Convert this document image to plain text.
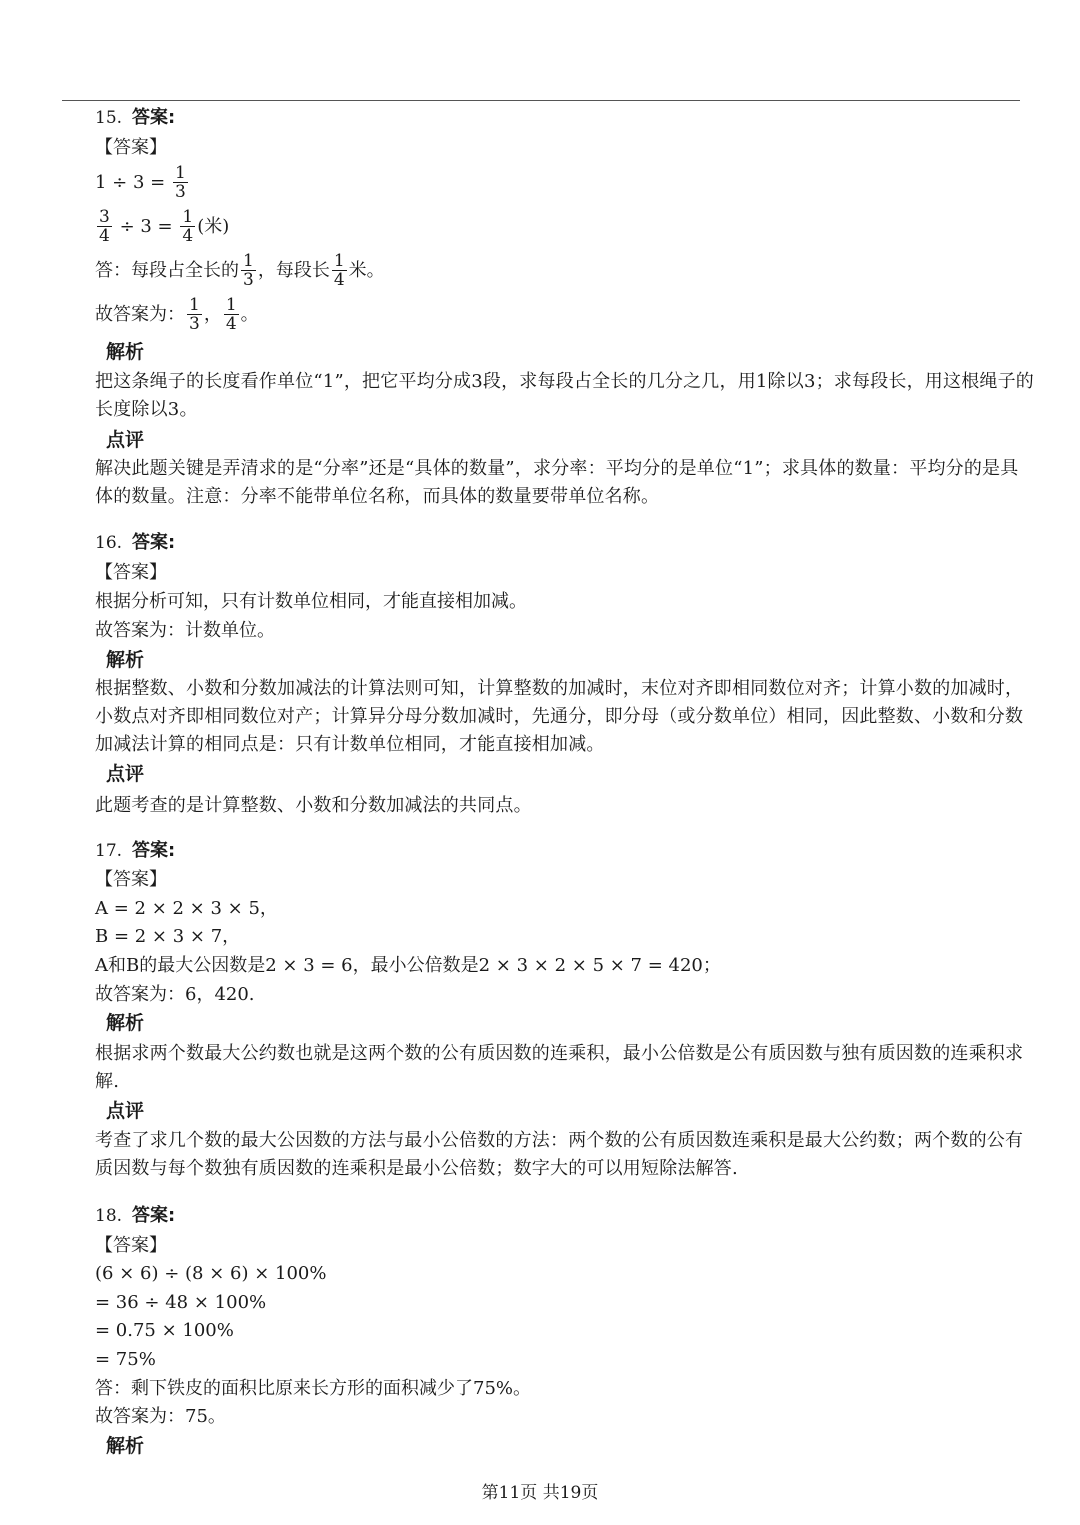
15. 答案:
【答案】
$1 \div 3 = \frac{1}{3}$
$\frac{3}{4} \div 3 = \frac{1}{4}$ (米)
答：每段占全长的 $\frac{1}{3}$ ，每段长 $\frac{1}{4}$ 米。
故答案为： $\frac{1}{3}$ ， $\frac{1}{4}$ 。
解析
把这条绳子的长度看作单位“1”，把它平均分成3段，求每段占全长的几分之几，用1除以3；求每段长，用这根绳子的长度除以3。
点评
解决此题关键是弄清求的是“分率”还是“具体的数量”，求分率：平均分的是单位“1”；求具体的数量：平均分的是具体的数量。注意：分率不能带单位名称，而具体的数量要带单位名称。
16. 答案:
【答案】
根据分析可知，只有计数单位相同，才能直接相加减。
故答案为：计数单位。
解析
根据整数、小数和分数加减法的计算法则可知，计算整数的加减时，末位对齐即相同数位对齐；计算小数的加减时，小数点对齐即相同数位对产；计算异分母分数加减时，先通分，即分母（或分数单位）相同，因此整数、小数和分数加减法计算的相同点是：只有计数单位相同，才能直接相加减。
点评
此题考查的是计算整数、小数和分数加减法的共同点。
17. 答案:
【答案】
A = 2 × 2 × 3 × 5，
B = 2 × 3 × 7，
A和B的最大公因数是2 × 3 = 6，最小公倍数是2 × 3 × 2 × 5 × 7 = 420；
故答案为：6，420.
解析
根据求两个数最大公约数也就是这两个数的公有质因数的连乘积，最小公倍数是公有质因数与独有质因数的连乘积求解.
点评
考查了求几个数的最大公因数的方法与最小公倍数的方法：两个数的公有质因数连乘积是最大公约数；两个数的公有质因数与每个数独有质因数的连乘积是最小公倍数；数字大的可以用短除法解答.
18. 答案:
【答案】
(6 × 6) ÷ (8 × 6) × 100%
= 36 ÷ 48 × 100%
= 0.75 × 100%
= 75%
答：剩下铁皮的面积比原来长方形的面积减少了75%。
故答案为：75。
解析
第11页 共19页
